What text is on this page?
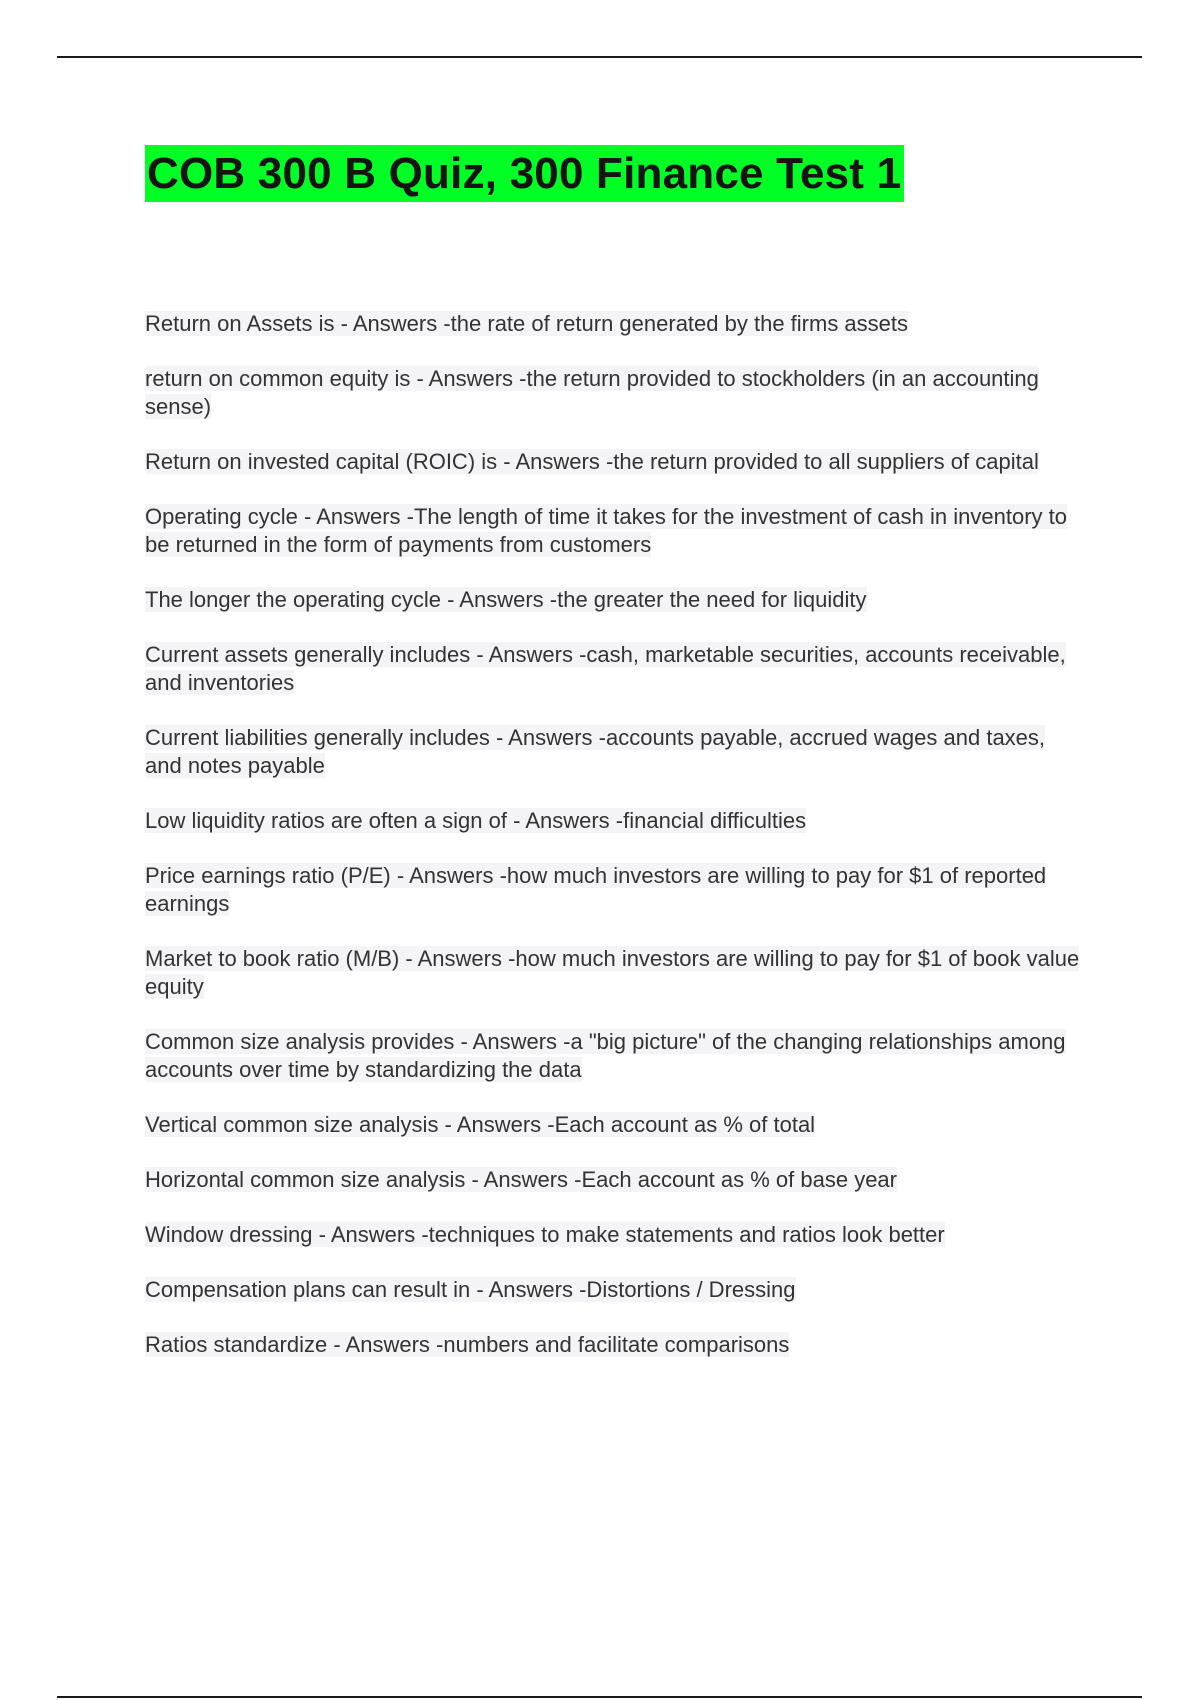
COB 300 B Quiz, 300 Finance Test 1
Return on Assets is - Answers -the rate of return generated by the firms assets
return on common equity is - Answers -the return provided to stockholders (in an accounting sense)
Return on invested capital (ROIC) is - Answers -the return provided to all suppliers of capital
Operating cycle - Answers -The length of time it takes for the investment of cash in inventory to be returned in the form of payments from customers
The longer the operating cycle - Answers -the greater the need for liquidity
Current assets generally includes - Answers -cash, marketable securities, accounts receivable, and inventories
Current liabilities generally includes - Answers -accounts payable, accrued wages and taxes, and notes payable
Low liquidity ratios are often a sign of - Answers -financial difficulties
Price earnings ratio (P/E) - Answers -how much investors are willing to pay for $1 of reported earnings
Market to book ratio (M/B) - Answers -how much investors are willing to pay for $1 of book value equity
Common size analysis provides - Answers -a "big picture" of the changing relationships among accounts over time by standardizing the data
Vertical common size analysis - Answers -Each account as % of total
Horizontal common size analysis - Answers -Each account as % of base year
Window dressing - Answers -techniques to make statements and ratios look better
Compensation plans can result in - Answers -Distortions / Dressing
Ratios standardize - Answers -numbers and facilitate comparisons
